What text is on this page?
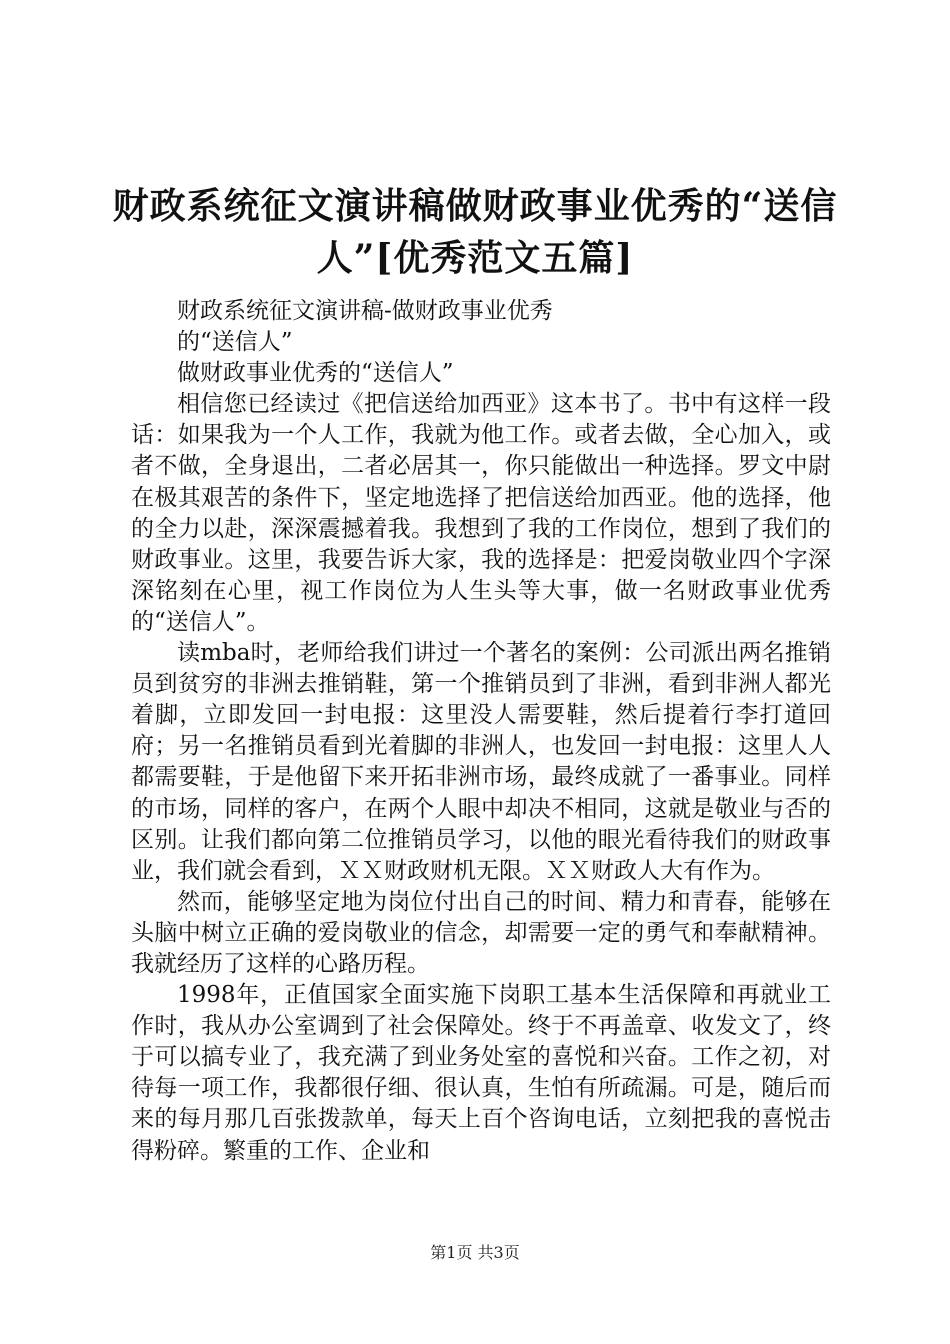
财政系统征文演讲稿做财政事业优秀的“送信人”[优秀范文五篇]

财政系统征文演讲稿-做财政事业优秀

的“送信人”

做财政事业优秀的“送信人”

相信您已经读过《把信送给加西亚》这本书了。书中有这样一段话：如果我为一个人工作，我就为他工作。或者去做，全心加入，或者不做，全身退出，二者必居其一，你只能做出一种选择。罗文中尉在极其艰苦的条件下，坚定地选择了把信送给加西亚。他的选择，他的全力以赴，深深震撼着我。我想到了我的工作岗位，想到了我们的财政事业。这里，我要告诉大家，我的选择是：把爱岗敬业四个字深深铭刻在心里，视工作岗位为人生头等大事，做一名财政事业优秀的“送信人”。

读mba时，老师给我们讲过一个著名的案例：公司派出两名推销员到贫穷的非洲去推销鞋，第一个推销员到了非洲，看到非洲人都光着脚，立即发回一封电报：这里没人需要鞋，然后提着行李打道回府；另一名推销员看到光着脚的非洲人，也发回一封电报：这里人人都需要鞋，于是他留下来开拓非洲市场，最终成就了一番事业。同样的市场，同样的客户，在两个人眼中却决不相同，这就是敬业与否的区别。让我们都向第二位推销员学习，以他的眼光看待我们的财政事业，我们就会看到，ＸＸ财政财机无限。ＸＸ财政人大有作为。

然而，能够坚定地为岗位付出自己的时间、精力和青春，能够在头脑中树立正确的爱岗敬业的信念，却需要一定的勇气和奉献精神。我就经历了这样的心路历程。

1998年，正值国家全面实施下岗职工基本生活保障和再就业工作时，我从办公室调到了社会保障处。终于不再盖章、收发文了，终于可以搞专业了，我充满了到业务处室的喜悦和兴奋。工作之初，对待每一项工作，我都很仔细、很认真，生怕有所疏漏。可是，随后而来的每月那几百张拨款单，每天上百个咨询电话，立刻把我的喜悦击得粉碎。繁重的工作、企业和

第1页 共3页
